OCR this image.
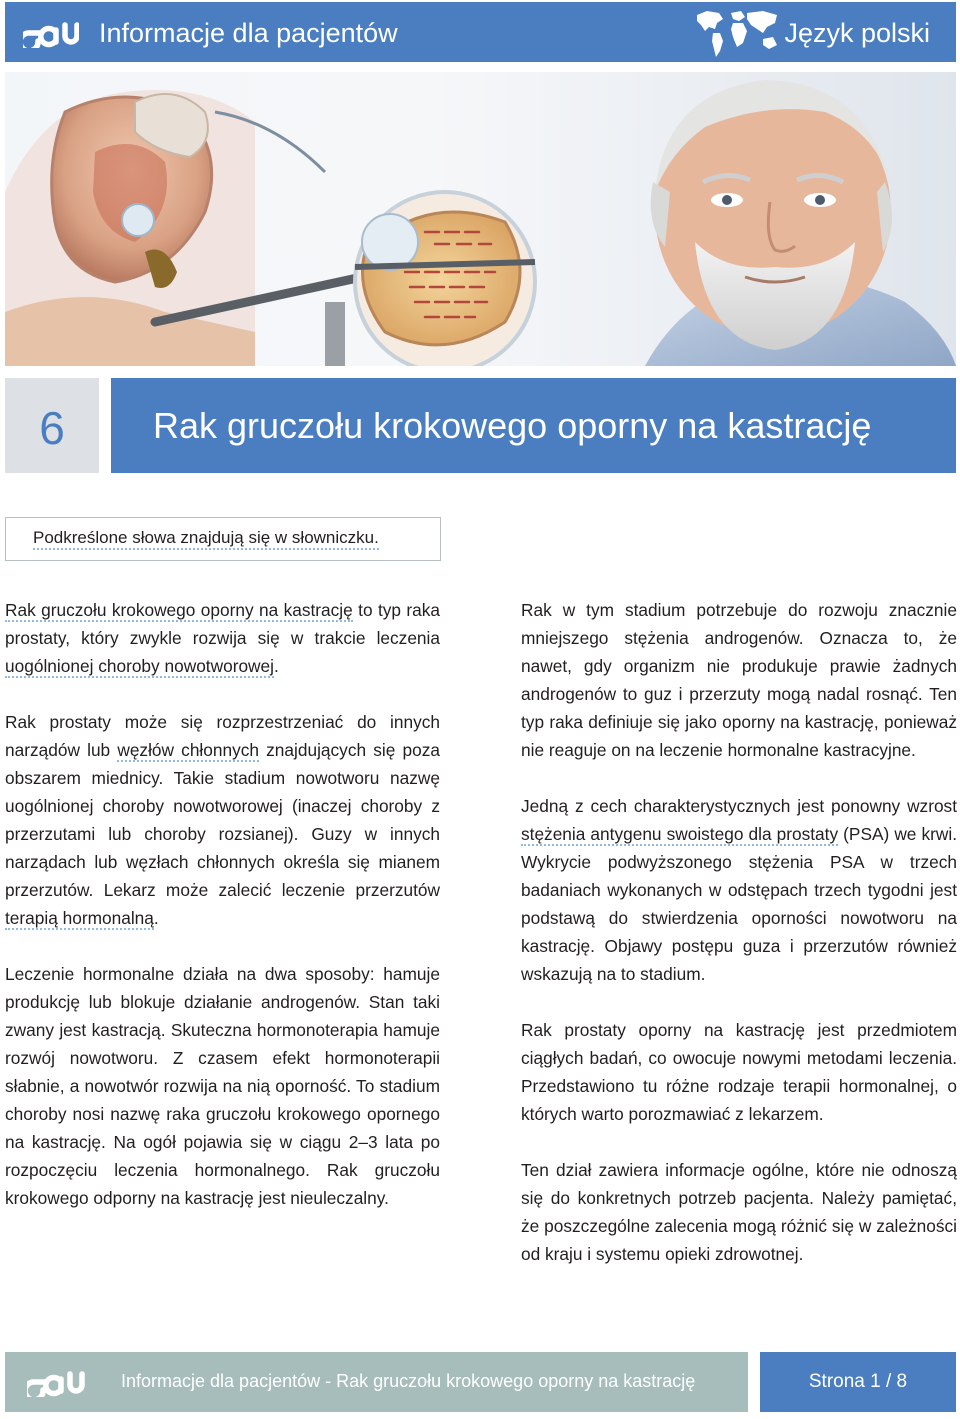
Informacje dla pacjentów	Język polski
6	Rak gruczołu krokowego oporny na kastrację
Podkreślone słowa znajdują się w słowniczku.

Rak gruczołu krokowego oporny na kastrację to typ raka prostaty, który zwykle rozwija się w trakcie leczenia uogólnionej choroby nowotworowej.

Rak prostaty może się rozprzestrzeniać do innych narządów lub węzłów chłonnych znajdujących się poza obszarem miednicy. Takie stadium nowotworu nazwę uogólnionej choroby nowotworowej (inaczej choroby z przerzutami lub choroby rozsianej). Guzy w innych narządach lub węzłach chłonnych określa się mianem przerzutów. Lekarz może zalecić leczenie przerzutów terapią hormonalną.

Leczenie hormonalne działa na dwa sposoby: hamuje produkcję lub blokuje działanie androgenów. Stan taki zwany jest kastracją. Skuteczna hormonoterapia hamuje rozwój nowotworu. Z czasem efekt hormonoterapii słabnie, a nowotwór rozwija na nią oporność. To stadium choroby nosi nazwę raka gruczołu krokowego opornego na kastrację. Na ogół pojawia się w ciągu 2–3 lata po rozpoczęciu leczenia hormonalnego. Rak gruczołu krokowego odporny na kastrację jest nieuleczalny.

Rak w tym stadium potrzebuje do rozwoju znacznie mniejszego stężenia androgenów. Oznacza to, że nawet, gdy organizm nie produkuje prawie żadnych androgenów to guz i przerzuty mogą nadal rosnąć. Ten typ raka definiuje się jako oporny na kastrację, ponieważ nie reaguje on na leczenie hormonalne kastracyjne.

Jedną z cech charakterystycznych jest ponowny wzrost stężenia antygenu swoistego dla prostaty (PSA) we krwi. Wykrycie podwyższonego stężenia PSA w trzech badaniach wykonanych w odstępach trzech tygodni jest podstawą do stwierdzenia oporności nowotworu na kastrację. Objawy postępu guza i przerzutów również wskazują na to stadium.

Rak prostaty oporny na kastrację jest przedmiotem ciągłych badań, co owocuje nowymi metodami leczenia. Przedstawiono tu różne rodzaje terapii hormonalnej, o których warto porozmawiać z lekarzem.

Ten dział zawiera informacje ogólne, które nie odnoszą się do konkretnych potrzeb pacjenta. Należy pamiętać, że poszczególne zalecenia mogą różnić się w zależności od kraju i systemu opieki zdrowotnej.

Informacje dla pacjentów - Rak gruczołu krokowego oporny na kastrację	Strona 1 / 8
